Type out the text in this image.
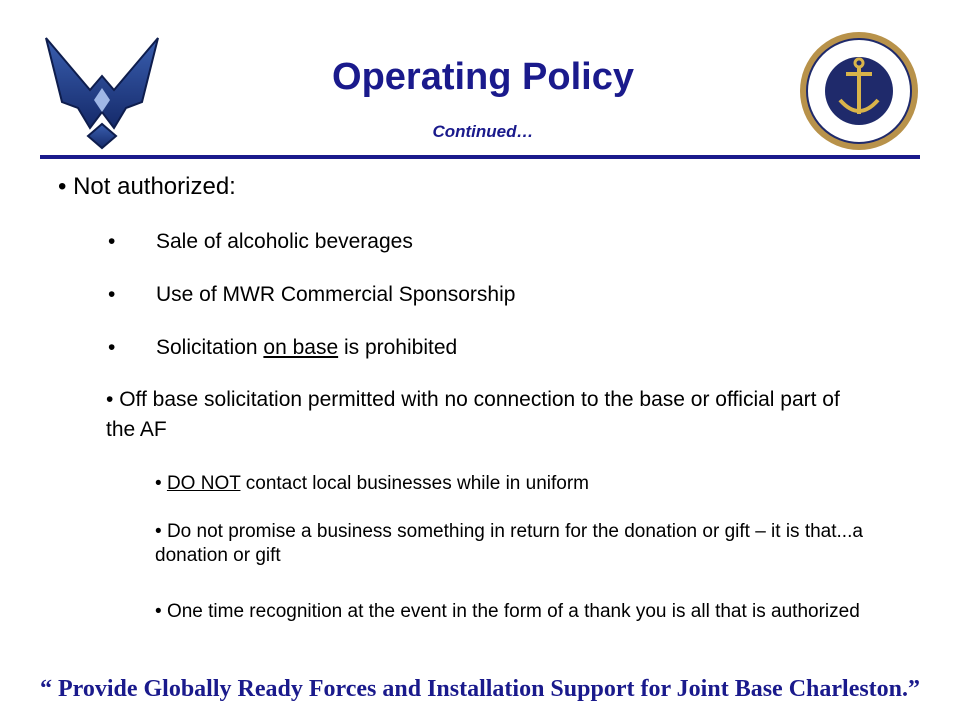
Operating Policy
Continued…
• Not authorized:
• Sale of alcoholic beverages
• Use of MWR Commercial Sponsorship
• Solicitation on base is prohibited
• Off base solicitation permitted with no connection to the base or official part of the AF
• DO NOT contact local businesses while in uniform
• Do not promise a business something in return for the donation or gift – it is that...a donation or gift
• One time recognition at the event in the form of a thank you is all that is authorized
“ Provide Globally Ready Forces and Installation Support for Joint Base Charleston.”
